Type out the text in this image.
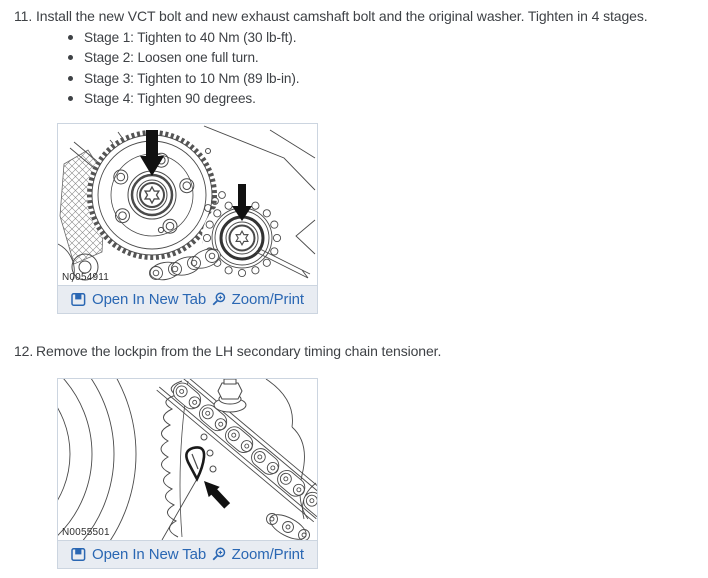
11. Install the new VCT bolt and new exhaust camshaft bolt and the original washer. Tighten in 4 stages.
Stage 1: Tighten to 40 Nm (30 lb-ft).
Stage 2: Loosen one full turn.
Stage 3: Tighten to 10 Nm (89 lb-in).
Stage 4: Tighten 90 degrees.
N0054911
Open In New Tab Zoom/Print
12. Remove the lockpin from the LH secondary timing chain tensioner.
N0055501
Open In New Tab Zoom/Print
